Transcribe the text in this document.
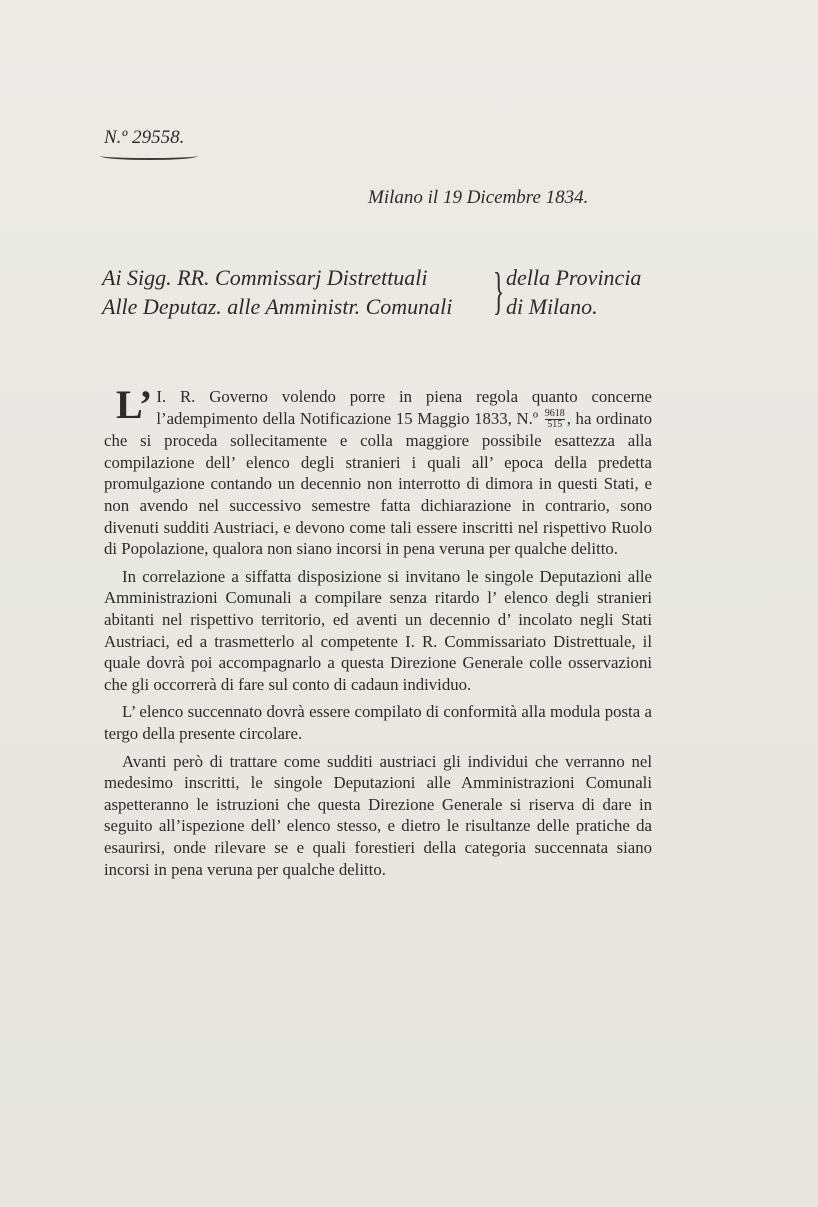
N.º 29558.
Milano il 19 Dicembre 1834.
Ai Sigg. RR. Commissarj Distrettuali
Alle Deputaz. alle Amministr. Comunali } della Provincia
di Milano.

L’ I. R. Governo volendo porre in piena regola quanto concerne l’adempimento della Notificazione 15 Maggio 1833, N.º $\frac{9618}{515}$ , ha ordinato che si proceda sollecitamente e colla maggiore possibile esattezza alla compilazione dell’ elenco degli stranieri i quali all’ epoca della predetta promulgazione contando un decennio non interrotto di dimora in questi Stati, e non avendo nel successivo semestre fatta dichiarazione in contrario, sono divenuti sudditi Austriaci, e devono come tali essere inscritti nel rispettivo Ruolo di Popolazione, qualora non siano incorsi in pena veruna per qualche delitto.

In correlazione a siffatta disposizione si invitano le singole Deputazioni alle Amministrazioni Comunali a compilare senza ritardo l’ elenco degli stranieri abitanti nel rispettivo territorio, ed aventi un decennio d’ incolato negli Stati Austriaci, ed a trasmetterlo al competente I. R. Commissariato Distrettuale, il quale dovrà poi accompagnarlo a questa Direzione Generale colle osservazioni che gli occorrerà di fare sul conto di cadaun individuo.

L’ elenco succennato dovrà essere compilato di conformità alla modula posta a tergo della presente circolare.

Avanti però di trattare come sudditi austriaci gli individui che verranno nel medesimo inscritti, le singole Deputazioni alle Amministrazioni Comunali aspetteranno le istruzioni che questa Direzione Generale si riserva di dare in seguito all’ispezione dell’ elenco stesso, e dietro le risultanze delle pratiche da esaurirsi, onde rilevare se e quali forestieri della categoria succennata siano incorsi in pena veruna per qualche delitto.
